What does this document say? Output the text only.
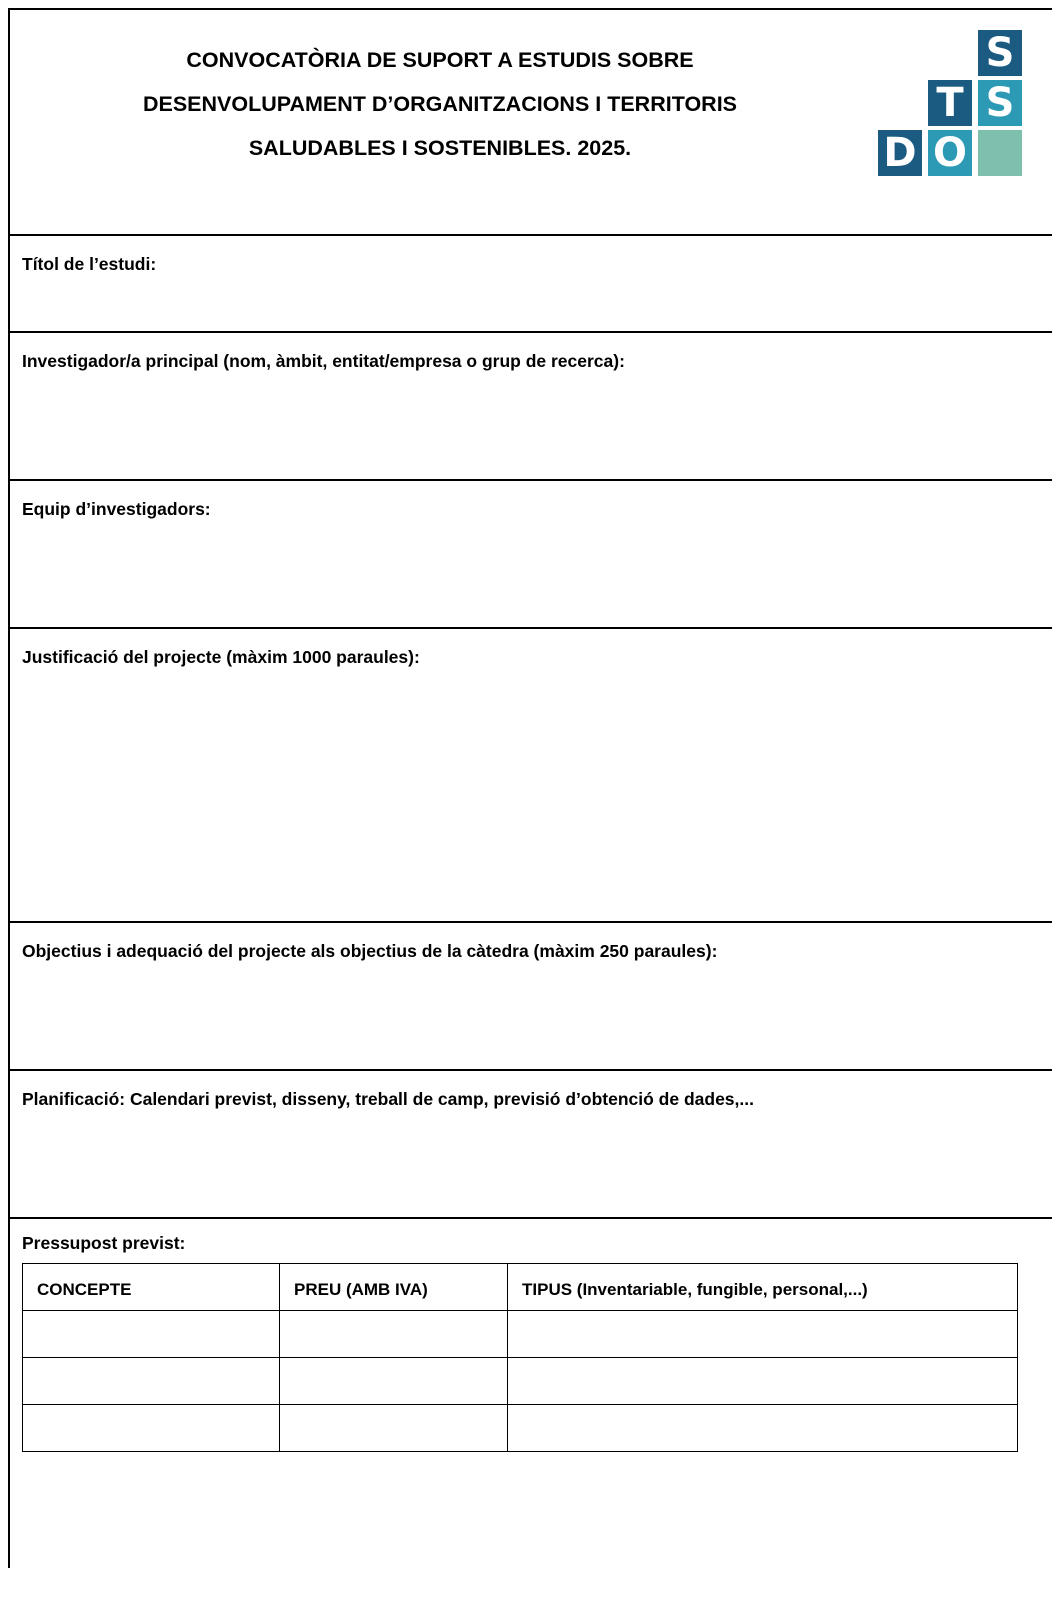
CONVOCATÒRIA DE SUPORT A ESTUDIS SOBRE
DESENVOLUPAMENT D’ORGANITZACIONS I TERRITORIS
SALUDABLES I SOSTENIBLES. 2025.
S
T S
D O
Títol de l’estudi:
Investigador/a principal (nom, àmbit, entitat/empresa o grup de recerca):
Equip d’investigadors:
Justificació del projecte (màxim 1000 paraules):
Objectius i adequació del projecte als objectius de la càtedra (màxim 250 paraules):
Planificació: Calendari previst, disseny, treball de camp, previsió d’obtenció de dades,...
Pressupost previst:
CONCEPTE	PREU (AMB IVA)	TIPUS (Inventariable, fungible, personal,...)
